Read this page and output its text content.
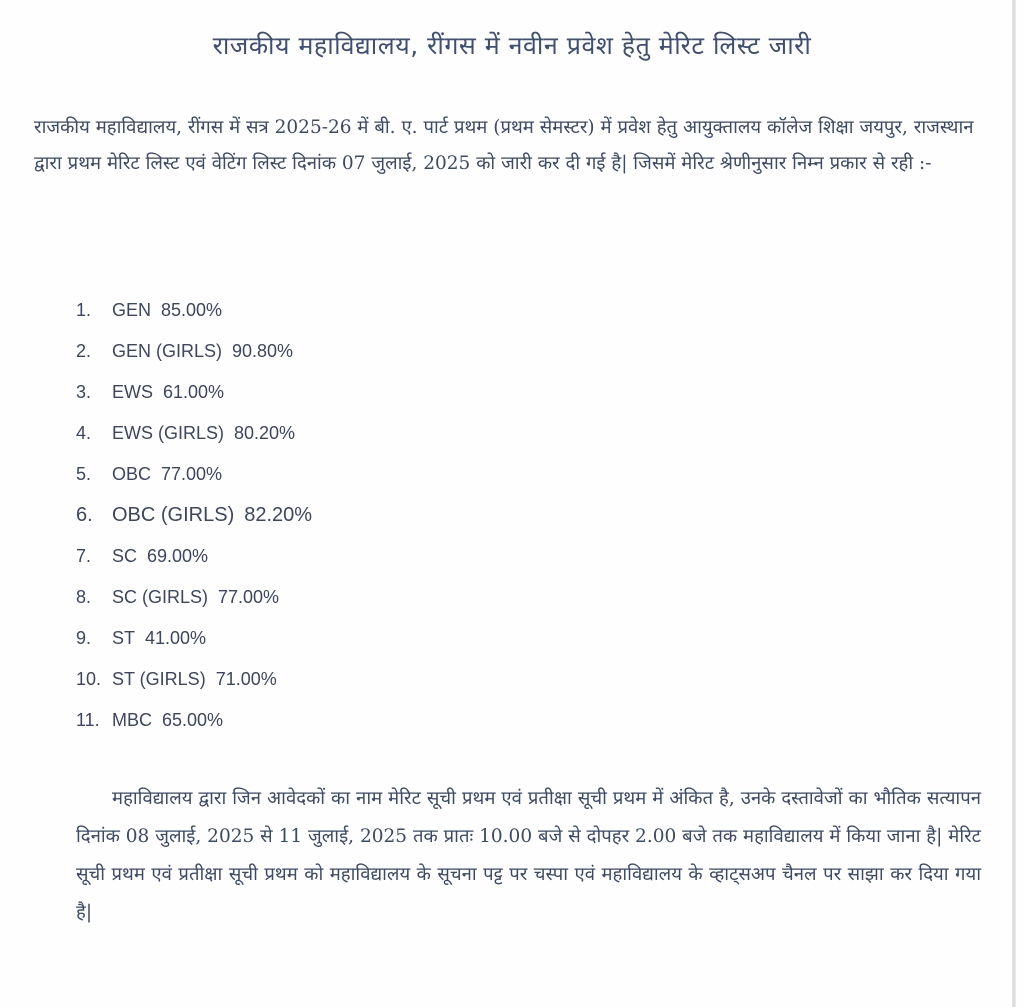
राजकीय महाविद्यालय, रींगस में नवीन प्रवेश हेतु मेरिट लिस्ट जारी
राजकीय महाविद्यालय, रींगस में सत्र 2025-26 में बी. ए. पार्ट प्रथम (प्रथम सेमस्टर) में प्रवेश हेतु आयुक्तालय कॉलेज शिक्षा जयपुर, राजस्थान द्वारा प्रथम मेरिट लिस्ट एवं वेटिंग लिस्ट दिनांक 07 जुलाई, 2025 को जारी कर दी गई है| जिसमें मेरिट श्रेणीनुसार निम्न प्रकार से रही :-
1. GEN 85.00%
2. GEN (GIRLS) 90.80%
3. EWS 61.00%
4. EWS (GIRLS) 80.20%
5. OBC 77.00%
6. OBC (GIRLS) 82.20%
7. SC 69.00%
8. SC (GIRLS) 77.00%
9. ST 41.00%
10. ST (GIRLS) 71.00%
11. MBC 65.00%
महाविद्यालय द्वारा जिन आवेदकों का नाम मेरिट सूची प्रथम एवं प्रतीक्षा सूची प्रथम में अंकित है, उनके दस्तावेजों का भौतिक सत्यापन दिनांक 08 जुलाई, 2025 से 11 जुलाई, 2025 तक प्रातः 10.00 बजे से दोपहर 2.00 बजे तक महाविद्यालय में किया जाना है| मेरिट सूची प्रथम एवं प्रतीक्षा सूची प्रथम को महाविद्यालय के सूचना पट्ट पर चस्पा एवं महाविद्यालय के व्हाट्सअप चैनल पर साझा कर दिया गया है|
